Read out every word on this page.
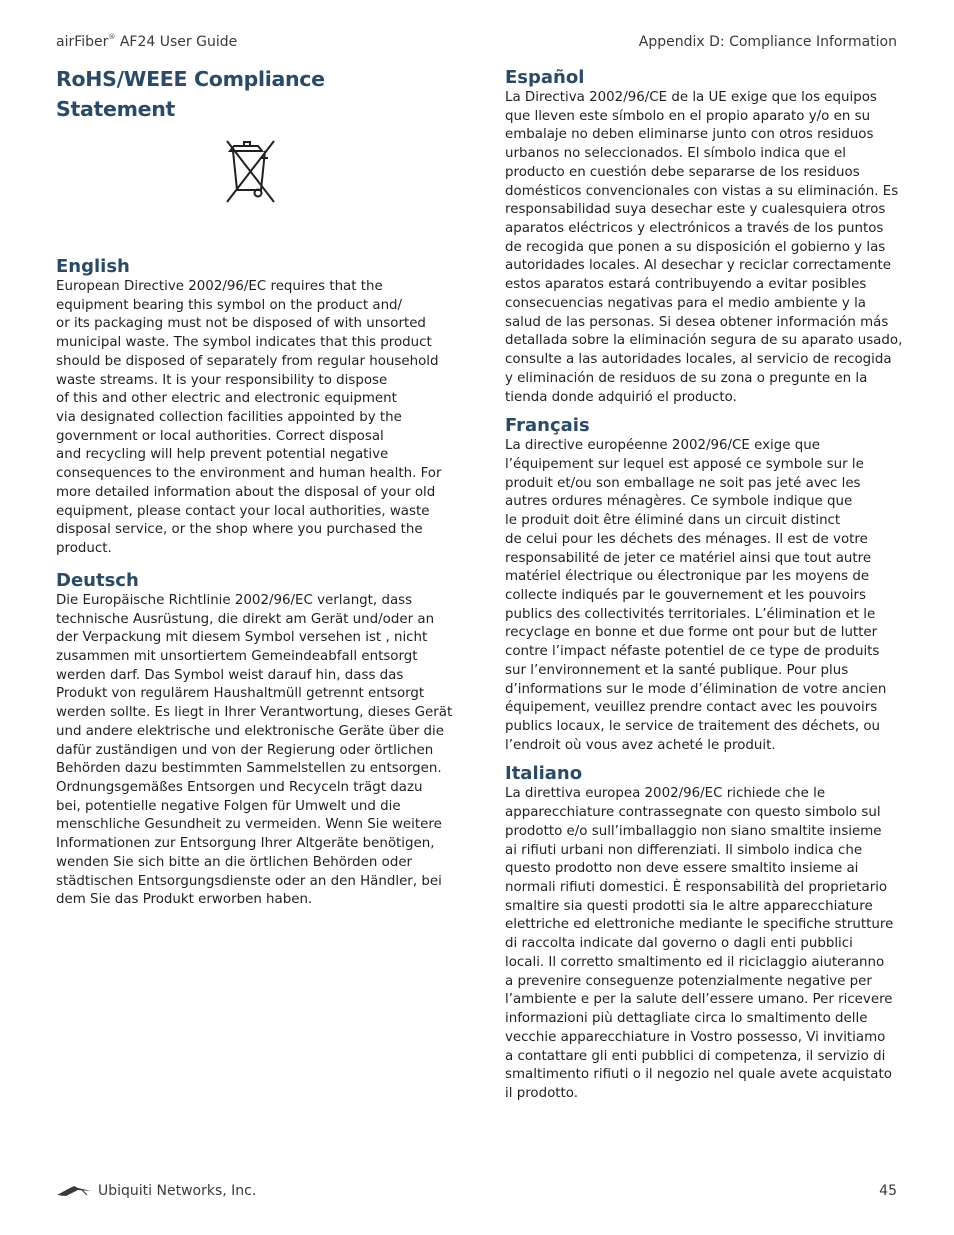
airFiber® AF24 User Guide	Appendix D: Compliance Information
RoHS/WEEE Compliance Statement
English
European Directive 2002/96/EC requires that the
equipment bearing this symbol on the product and/
or its packaging must not be disposed of with unsorted
municipal waste. The symbol indicates that this product
should be disposed of separately from regular household
waste streams. It is your responsibility to dispose
of this and other electric and electronic equipment
via designated collection facilities appointed by the
government or local authorities. Correct disposal
and recycling will help prevent potential negative
consequences to the environment and human health. For
more detailed information about the disposal of your old
equipment, please contact your local authorities, waste
disposal service, or the shop where you purchased the
product.
Deutsch
Die Europäische Richtlinie 2002/96/EC verlangt, dass
technische Ausrüstung, die direkt am Gerät und/oder an
der Verpackung mit diesem Symbol versehen ist , nicht
zusammen mit unsortiertem Gemeindeabfall entsorgt
werden darf. Das Symbol weist darauf hin, dass das
Produkt von regulärem Haushaltmüll getrennt entsorgt
werden sollte. Es liegt in Ihrer Verantwortung, dieses Gerät
und andere elektrische und elektronische Geräte über die
dafür zuständigen und von der Regierung oder örtlichen
Behörden dazu bestimmten Sammelstellen zu entsorgen.
Ordnungsgemäßes Entsorgen und Recyceln trägt dazu
bei, potentielle negative Folgen für Umwelt und die
menschliche Gesundheit zu vermeiden. Wenn Sie weitere
Informationen zur Entsorgung Ihrer Altgeräte benötigen,
wenden Sie sich bitte an die örtlichen Behörden oder
städtischen Entsorgungsdienste oder an den Händler, bei
dem Sie das Produkt erworben haben.
Español
La Directiva 2002/96/CE de la UE exige que los equipos
que lleven este símbolo en el propio aparato y/o en su
embalaje no deben eliminarse junto con otros residuos
urbanos no seleccionados. El símbolo indica que el
producto en cuestión debe separarse de los residuos
domésticos convencionales con vistas a su eliminación. Es
responsabilidad suya desechar este y cualesquiera otros
aparatos eléctricos y electrónicos a través de los puntos
de recogida que ponen a su disposición el gobierno y las
autoridades locales. Al desechar y reciclar correctamente
estos aparatos estará contribuyendo a evitar posibles
consecuencias negativas para el medio ambiente y la
salud de las personas. Si desea obtener información más
detallada sobre la eliminación segura de su aparato usado,
consulte a las autoridades locales, al servicio de recogida
y eliminación de residuos de su zona o pregunte en la
tienda donde adquirió el producto.
Français
La directive européenne 2002/96/CE exige que
l’équipement sur lequel est apposé ce symbole sur le
produit et/ou son emballage ne soit pas jeté avec les
autres ordures ménagères. Ce symbole indique que
le produit doit être éliminé dans un circuit distinct
de celui pour les déchets des ménages. Il est de votre
responsabilité de jeter ce matériel ainsi que tout autre
matériel électrique ou électronique par les moyens de
collecte indiqués par le gouvernement et les pouvoirs
publics des collectivités territoriales. L’élimination et le
recyclage en bonne et due forme ont pour but de lutter
contre l’impact néfaste potentiel de ce type de produits
sur l’environnement et la santé publique. Pour plus
d’informations sur le mode d’élimination de votre ancien
équipement, veuillez prendre contact avec les pouvoirs
publics locaux, le service de traitement des déchets, ou
l’endroit où vous avez acheté le produit.
Italiano
La direttiva europea 2002/96/EC richiede che le
apparecchiature contrassegnate con questo simbolo sul
prodotto e/o sull’imballaggio non siano smaltite insieme
ai rifiuti urbani non differenziati. Il simbolo indica che
questo prodotto non deve essere smaltito insieme ai
normali rifiuti domestici. È responsabilità del proprietario
smaltire sia questi prodotti sia le altre apparecchiature
elettriche ed elettroniche mediante le specifiche strutture
di raccolta indicate dal governo o dagli enti pubblici
locali. Il corretto smaltimento ed il riciclaggio aiuteranno
a prevenire conseguenze potenzialmente negative per
l’ambiente e per la salute dell’essere umano. Per ricevere
informazioni più dettagliate circa lo smaltimento delle
vecchie apparecchiature in Vostro possesso, Vi invitiamo
a contattare gli enti pubblici di competenza, il servizio di
smaltimento rifiuti o il negozio nel quale avete acquistato
il prodotto.
Ubiquiti Networks, Inc.	45
